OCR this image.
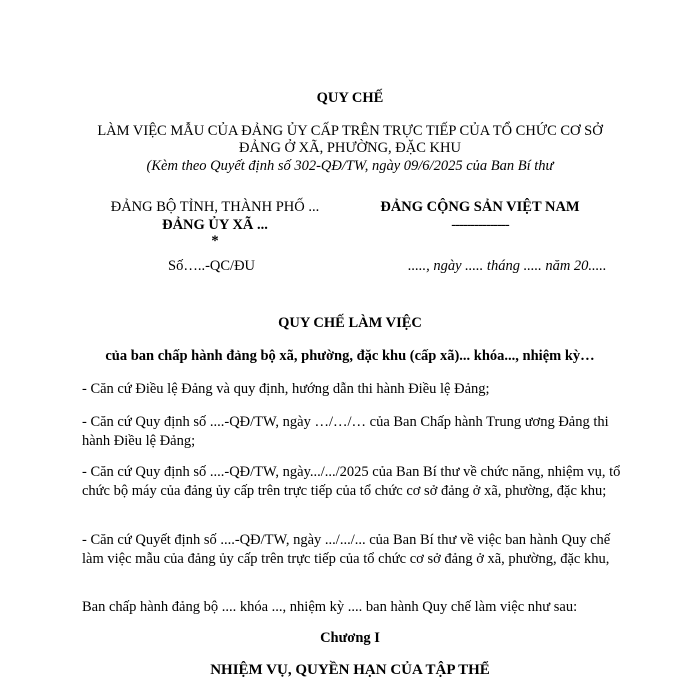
QUY CHẾ
LÀM VIỆC MẪU CỦA ĐẢNG ỦY CẤP TRÊN TRỰC TIẾP CỦA TỔ CHỨC CƠ SỞ
ĐẢNG Ở XÃ, PHƯỜNG, ĐẶC KHU
(Kèm theo Quyết định số 302-QĐ/TW, ngày 09/6/2025 của Ban Bí thư
ĐẢNG BỘ TỈNH, THÀNH PHỐ ...
ĐẢNG ỦY XÃ ...
*
ĐẢNG CỘNG SẢN VIỆT NAM
---------------
Số…..-QC/ĐU	....., ngày ..... tháng ..... năm 20.....
QUY CHẾ LÀM VIỆC
của ban chấp hành đảng bộ xã, phường, đặc khu (cấp xã)... khóa..., nhiệm kỳ…
- Căn cứ Điều lệ Đảng và quy định, hướng dẫn thi hành Điều lệ Đảng;
- Căn cứ Quy định số ....-QĐ/TW, ngày …/…/… của Ban Chấp hành Trung ương Đảng thi hành Điều lệ Đảng;
- Căn cứ Quy định số ....-QĐ/TW, ngày.../.../2025 của Ban Bí thư về chức năng, nhiệm vụ, tổ chức bộ máy của đảng ủy cấp trên trực tiếp của tổ chức cơ sở đảng ở xã, phường, đặc khu;
- Căn cứ Quyết định số ....-QĐ/TW, ngày .../.../... của Ban Bí thư về việc ban hành Quy chế làm việc mẫu của đảng ủy cấp trên trực tiếp của tổ chức cơ sở đảng ở xã, phường, đặc khu,
Ban chấp hành đảng bộ .... khóa ..., nhiệm kỳ .... ban hành Quy chế làm việc như sau:
Chương I
NHIỆM VỤ, QUYỀN HẠN CỦA TẬP THỂ
